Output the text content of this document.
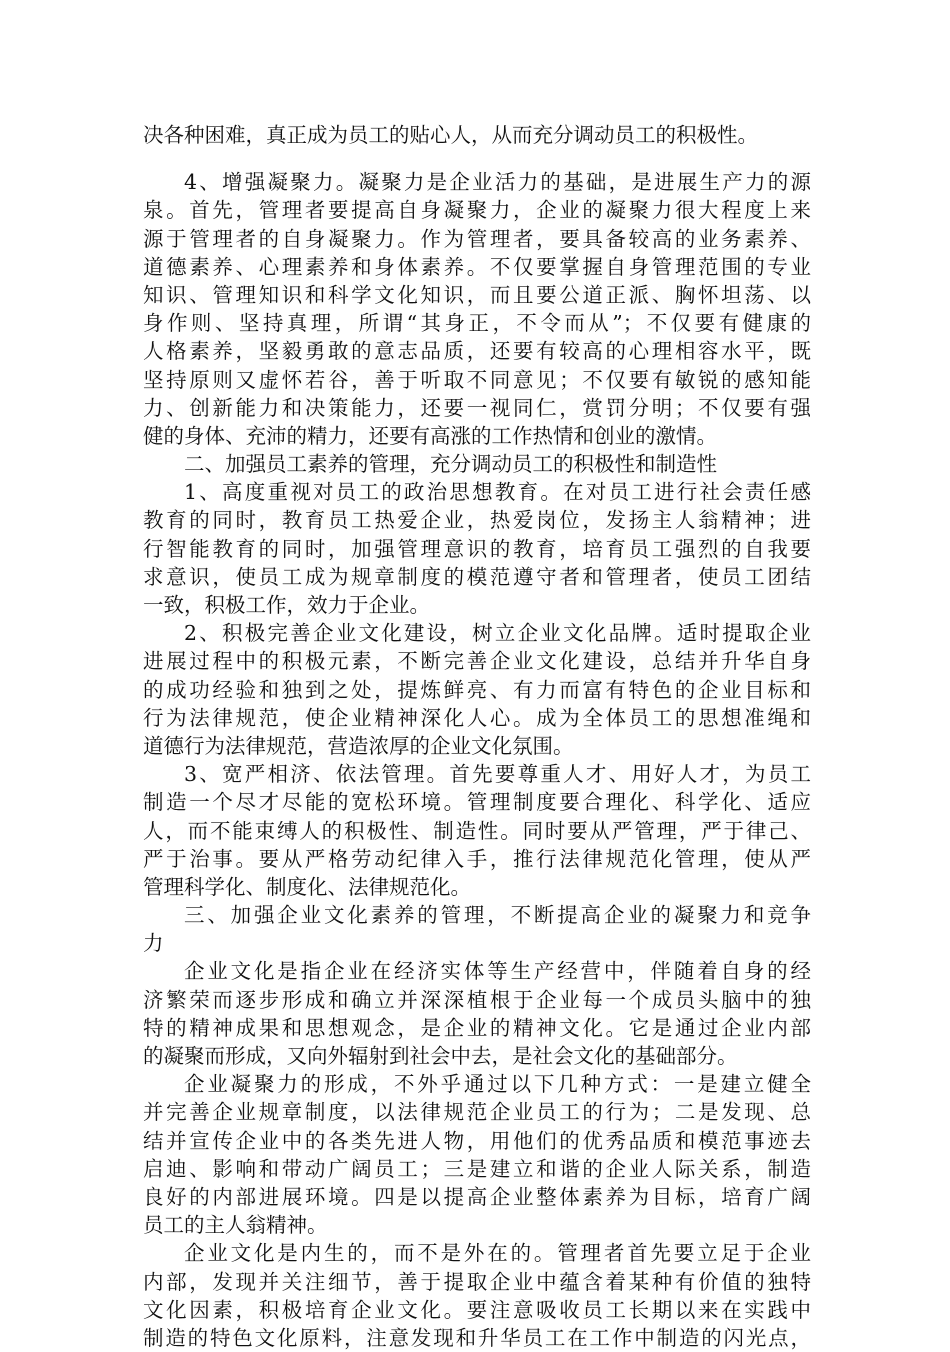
决各种困难，真正成为员工的贴心人，从而充分调动员工的积极性。
4、增强凝聚力。凝聚力是企业活力的基础，是进展生产力的源
泉。首先，管理者要提高自身凝聚力，企业的凝聚力很大程度上来
源于管理者的自身凝聚力。作为管理者，要具备较高的业务素养、
道德素养、心理素养和身体素养。不仅要掌握自身管理范围的专业
知识、管理知识和科学文化知识，而且要公道正派、胸怀坦荡、以
身作则、坚持真理，所谓“其身正，不令而从”；不仅要有健康的
人格素养，坚毅勇敢的意志品质，还要有较高的心理相容水平，既
坚持原则又虚怀若谷，善于听取不同意见；不仅要有敏锐的感知能
力、创新能力和决策能力，还要一视同仁，赏罚分明；不仅要有强
健的身体、充沛的精力，还要有高涨的工作热情和创业的激情。
二、加强员工素养的管理，充分调动员工的积极性和制造性
1、高度重视对员工的政治思想教育。在对员工进行社会责任感
教育的同时，教育员工热爱企业，热爱岗位，发扬主人翁精神；进
行智能教育的同时，加强管理意识的教育，培育员工强烈的自我要
求意识，使员工成为规章制度的模范遵守者和管理者，使员工团结
一致，积极工作，效力于企业。
2、积极完善企业文化建设，树立企业文化品牌。适时提取企业
进展过程中的积极元素，不断完善企业文化建设，总结并升华自身
的成功经验和独到之处，提炼鲜亮、有力而富有特色的企业目标和
行为法律规范，使企业精神深化人心。成为全体员工的思想准绳和
道德行为法律规范，营造浓厚的企业文化氛围。
3、宽严相济、依法管理。首先要尊重人才、用好人才，为员工
制造一个尽才尽能的宽松环境。管理制度要合理化、科学化、适应
人，而不能束缚人的积极性、制造性。同时要从严管理，严于律己、
严于治事。要从严格劳动纪律入手，推行法律规范化管理，使从严
管理科学化、制度化、法律规范化。
三、加强企业文化素养的管理，不断提高企业的凝聚力和竞争
力
企业文化是指企业在经济实体等生产经营中，伴随着自身的经
济繁荣而逐步形成和确立并深深植根于企业每一个成员头脑中的独
特的精神成果和思想观念，是企业的精神文化。它是通过企业内部
的凝聚而形成，又向外辐射到社会中去，是社会文化的基础部分。
企业凝聚力的形成，不外乎通过以下几种方式：一是建立健全
并完善企业规章制度，以法律规范企业员工的行为；二是发现、总
结并宣传企业中的各类先进人物，用他们的优秀品质和模范事迹去
启迪、影响和带动广阔员工；三是建立和谐的企业人际关系，制造
良好的内部进展环境。四是以提高企业整体素养为目标，培育广阔
员工的主人翁精神。
企业文化是内生的，而不是外在的。管理者首先要立足于企业
内部，发现并关注细节，善于提取企业中蕴含着某种有价值的独特
文化因素，积极培育企业文化。要注意吸收员工长期以来在实践中
制造的特色文化原料，注意发现和升华员工在工作中制造的闪光点，
